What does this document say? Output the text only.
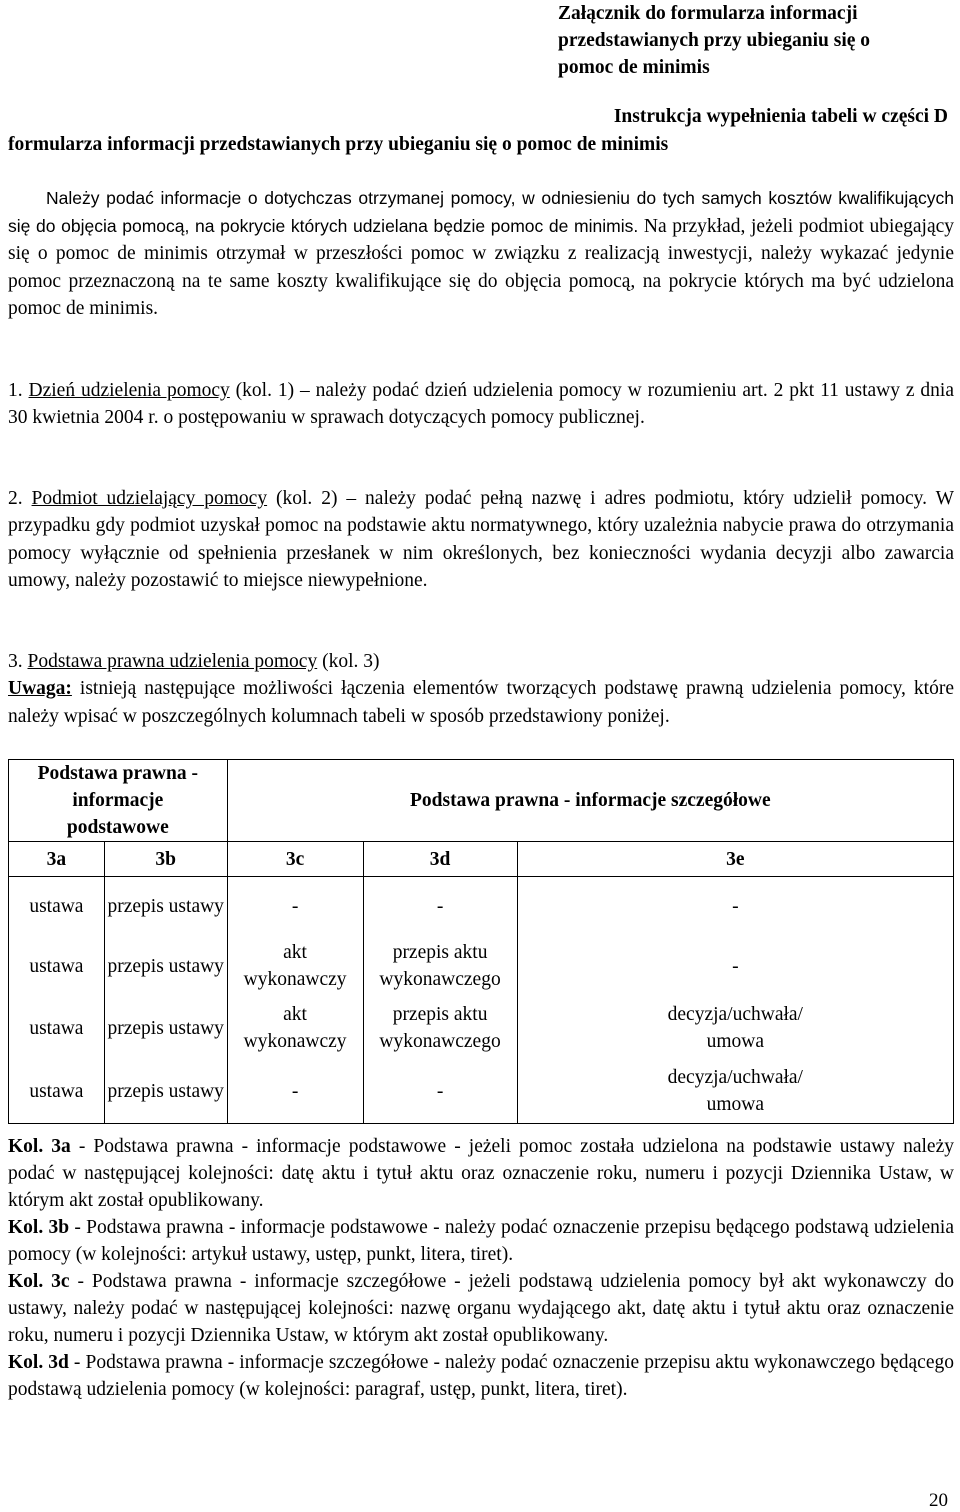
Załącznik do formularza informacji
przedstawianych przy ubieganiu się o
pomoc de minimis
Instrukcja wypełnienia tabeli w części D
formularza informacji przedstawianych przy ubieganiu się o pomoc de minimis

Należy podać informacje o dotychczas otrzymanej pomocy, w odniesieniu do tych samych kosztów kwalifikujących się do objęcia pomocą, na pokrycie których udzielana będzie pomoc de minimis. Na przykład, jeżeli podmiot ubiegający się o pomoc de minimis otrzymał w przeszłości pomoc w związku z realizacją inwestycji, należy wykazać jedynie pomoc przeznaczoną na te same koszty kwalifikujące się do objęcia pomocą, na pokrycie których ma być udzielona pomoc de minimis.

1. Dzień udzielenia pomocy (kol. 1) – należy podać dzień udzielenia pomocy w rozumieniu art. 2 pkt 11 ustawy z dnia 30 kwietnia 2004 r. o postępowaniu w sprawach dotyczących pomocy publicznej.

2. Podmiot udzielający pomocy (kol. 2) – należy podać pełną nazwę i adres podmiotu, który udzielił pomocy. W przypadku gdy podmiot uzyskał pomoc na podstawie aktu normatywnego, który uzależnia nabycie prawa do otrzymania pomocy wyłącznie od spełnienia przesłanek w nim określonych, bez konieczności wydania decyzji albo zawarcia umowy, należy pozostawić to miejsce niewypełnione.

3. Podstawa prawna udzielenia pomocy (kol. 3)

Uwaga: istnieją następujące możliwości łączenia elementów tworzących podstawę prawną udzielenia pomocy, które należy wpisać w poszczególnych kolumnach tabeli w sposób przedstawiony poniżej.

Podstawa prawna - informacje podstawowe		Podstawa prawna - informacje szczegółowe		
3a	3b	3c	3d	3e
ustawa	przepis ustawy	-	-	-
ustawa	przepis ustawy	akt wykonawczy	przepis aktu wykonawczego	-
ustawa	przepis ustawy	akt wykonawczy	przepis aktu wykonawczego	decyzja/uchwała/ umowa
ustawa	przepis ustawy	-	-	decyzja/uchwała/ umowa

Kol. 3a - Podstawa prawna - informacje podstawowe - jeżeli pomoc została udzielona na podstawie ustawy należy podać w następującej kolejności: datę aktu i tytuł aktu oraz oznaczenie roku, numeru i pozycji Dziennika Ustaw, w którym akt został opublikowany.

Kol. 3b - Podstawa prawna - informacje podstawowe - należy podać oznaczenie przepisu będącego podstawą udzielenia pomocy (w kolejności: artykuł ustawy, ustęp, punkt, litera, tiret).

Kol. 3c - Podstawa prawna - informacje szczegółowe - jeżeli podstawą udzielenia pomocy był akt wykonawczy do ustawy, należy podać w następującej kolejności: nazwę organu wydającego akt, datę aktu i tytuł aktu oraz oznaczenie roku, numeru i pozycji Dziennika Ustaw, w którym akt został opublikowany.

Kol. 3d - Podstawa prawna - informacje szczegółowe - należy podać oznaczenie przepisu aktu wykonawczego będącego podstawą udzielenia pomocy (w kolejności: paragraf, ustęp, punkt, litera, tiret).

20
